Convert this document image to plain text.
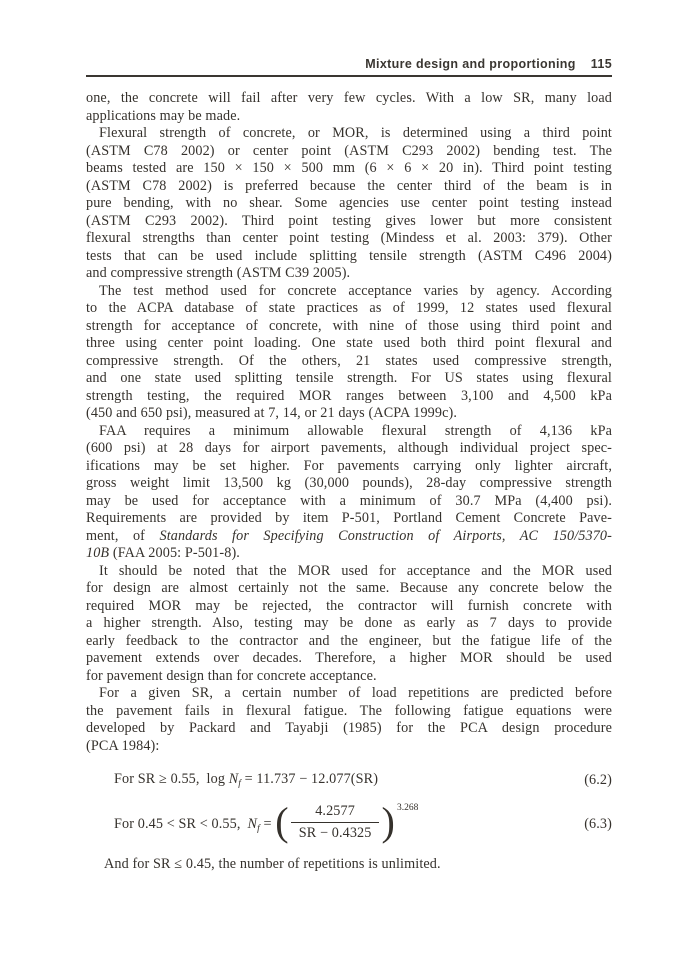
Mixture design and proportioning 115
one, the concrete will fail after very few cycles. With a low SR, many load
applications may be made.
Flexural strength of concrete, or MOR, is determined using a third point
(ASTM C78 2002) or center point (ASTM C293 2002) bending test. The
beams tested are 150 × 150 × 500 mm (6 × 6 × 20 in). Third point testing
(ASTM C78 2002) is preferred because the center third of the beam is in
pure bending, with no shear. Some agencies use center point testing instead
(ASTM C293 2002). Third point testing gives lower but more consistent
flexural strengths than center point testing (Mindess et al. 2003: 379). Other
tests that can be used include splitting tensile strength (ASTM C496 2004)
and compressive strength (ASTM C39 2005).
The test method used for concrete acceptance varies by agency. According
to the ACPA database of state practices as of 1999, 12 states used flexural
strength for acceptance of concrete, with nine of those using third point and
three using center point loading. One state used both third point flexural and
compressive strength. Of the others, 21 states used compressive strength,
and one state used splitting tensile strength. For US states using flexural
strength testing, the required MOR ranges between 3,100 and 4,500 kPa
(450 and 650 psi), measured at 7, 14, or 21 days (ACPA 1999c).
FAA requires a minimum allowable flexural strength of 4,136 kPa
(600 psi) at 28 days for airport pavements, although individual project spec-
ifications may be set higher. For pavements carrying only lighter aircraft,
gross weight limit 13,500 kg (30,000 pounds), 28-day compressive strength
may be used for acceptance with a minimum of 30.7 MPa (4,400 psi).
Requirements are provided by item P-501, Portland Cement Concrete Pave-
ment, of Standards for Specifying Construction of Airports, AC 150/5370-
10B (FAA 2005: P-501-8).
It should be noted that the MOR used for acceptance and the MOR used
for design are almost certainly not the same. Because any concrete below the
required MOR may be rejected, the contractor will furnish concrete with
a higher strength. Also, testing may be done as early as 7 days to provide
early feedback to the contractor and the engineer, but the fatigue life of the
pavement extends over decades. Therefore, a higher MOR should be used
for pavement design than for concrete acceptance.
For a given SR, a certain number of load repetitions are predicted before
the pavement fails in flexural fatigue. The following fatigue equations were
developed by Packard and Tayabji (1985) for the PCA design procedure
(PCA 1984):
For SR ≥ 0.55, $\log N_f = 11.737 - 12.077(SR)$	(6.2)
For 0.45 < SR < 0.55, $N_f$ = ( $\frac{4.2577}{SR - 0.4325}$ ) $^{3.268}$
(6.3)
And for SR ≤ 0.45, the number of repetitions is unlimited.
